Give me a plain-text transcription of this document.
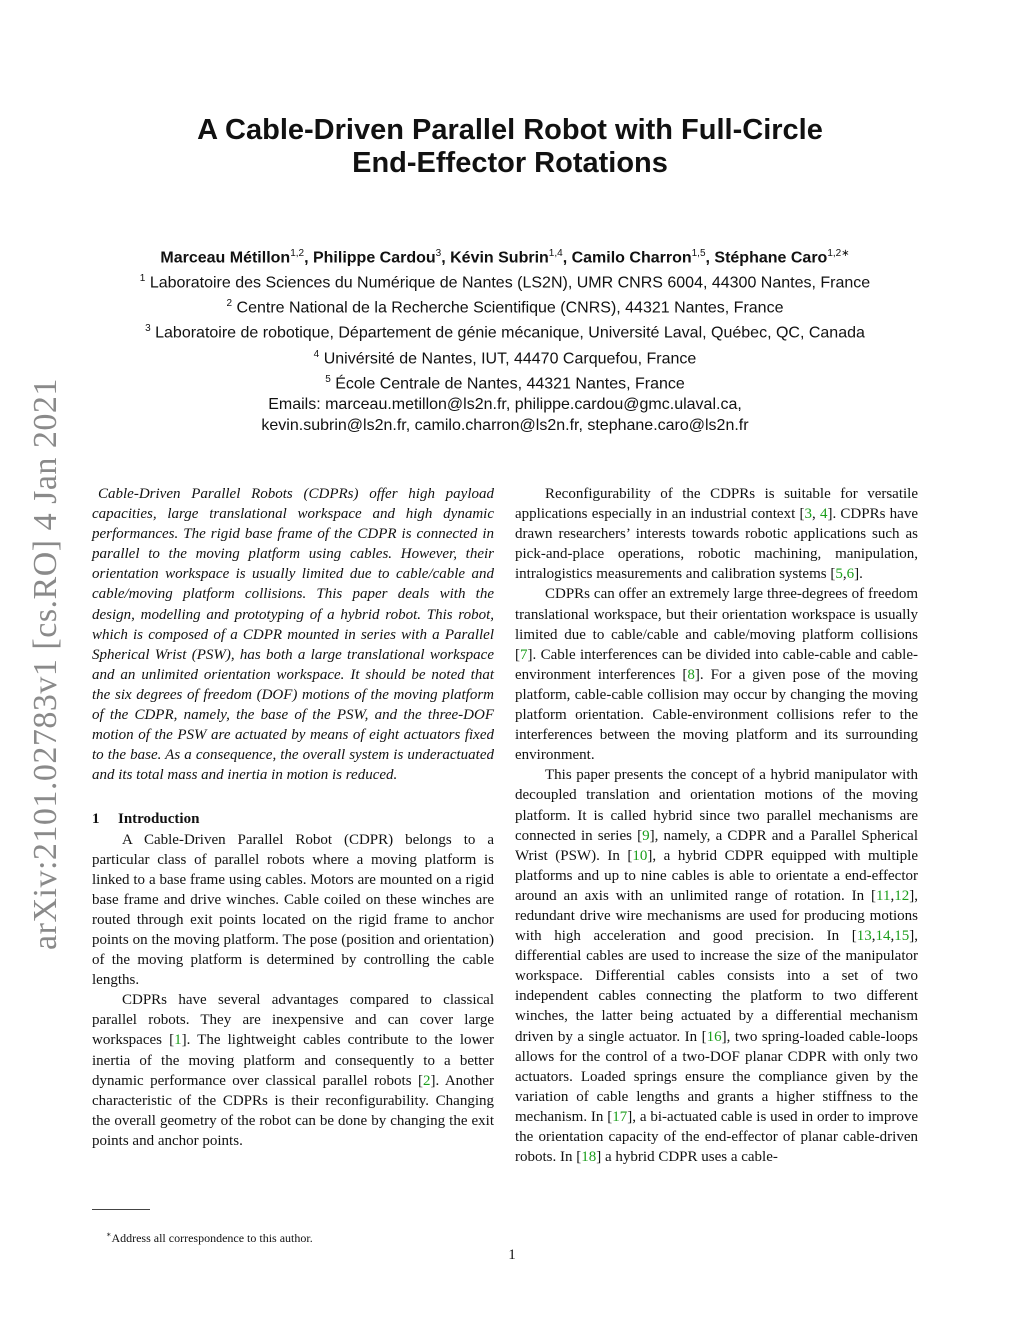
arXiv:2101.02783v1 [cs.RO] 4 Jan 2021
A Cable-Driven Parallel Robot with Full-Circle
End-Effector Rotations
Marceau Métillon$^{1,2}$, Philippe Cardou$^3$, Kévin Subrin$^{1,4}$, Camilo Charron$^{1,5}$, Stéphane Caro$^{1,2∗}$
$^1$ Laboratoire des Sciences du Numérique de Nantes (LS2N), UMR CNRS 6004, 44300 Nantes, France
$^2$ Centre National de la Recherche Scientifique (CNRS), 44321 Nantes, France
$^3$ Laboratoire de robotique, Département de génie mécanique, Université Laval, Québec, QC, Canada
$^4$ Univérsité de Nantes, IUT, 44470 Carquefou, France
$^5$ École Centrale de Nantes, 44321 Nantes, France
Emails: marceau.metillon@ls2n.fr, philippe.cardou@gmc.ulaval.ca,
kevin.subrin@ls2n.fr, camilo.charron@ls2n.fr, stephane.caro@ls2n.fr

Cable-Driven Parallel Robots (CDPRs) offer high payload capacities, large translational workspace and high dynamic performances. The rigid base frame of the CDPR is connected in parallel to the moving platform using cables. However, their orientation workspace is usually limited due to cable/cable and cable/moving platform collisions. This paper deals with the design, modelling and prototyping of a hybrid robot. This robot, which is composed of a CDPR mounted in series with a Parallel Spherical Wrist (PSW), has both a large translational workspace and an unlimited orientation workspace. It should be noted that the six degrees of freedom (DOF) motions of the moving platform of the CDPR, namely, the base of the PSW, and the three-DOF motion of the PSW are actuated by means of eight actuators fixed to the base. As a consequence, the overall system is underactuated and its total mass and inertia in motion is reduced.

1 Introduction

A Cable-Driven Parallel Robot (CDPR) belongs to a particular class of parallel robots where a moving platform is linked to a base frame using cables. Motors are mounted on a rigid base frame and drive winches. Cable coiled on these winches are routed through exit points located on the rigid frame to anchor points on the moving platform. The pose (position and orientation) of the moving platform is determined by controlling the cable lengths.

CDPRs have several advantages compared to classical parallel robots. They are inexpensive and can cover large workspaces [1]. The lightweight cables contribute to the lower inertia of the moving platform and consequently to a better dynamic performance over classical parallel robots [2]. Another characteristic of the CDPRs is their reconfigurability. Changing the overall geometry of the robot can be done by changing the exit points and anchor points.

Reconfigurability of the CDPRs is suitable for versatile applications especially in an industrial context [3, 4]. CDPRs have drawn researchers’ interests towards robotic applications such as pick-and-place operations, robotic machining, manipulation, intralogistics measurements and calibration systems [5,6].

CDPRs can offer an extremely large three-degrees of freedom translational workspace, but their orientation workspace is usually limited due to cable/cable and cable/moving platform collisions [7]. Cable interferences can be divided into cable-cable and cable-environment interferences [8]. For a given pose of the moving platform, cable-cable collision may occur by changing the moving platform orientation. Cable-environment collisions refer to the interferences between the moving platform and its surrounding environment.

This paper presents the concept of a hybrid manipulator with decoupled translation and orientation motions of the moving platform. It is called hybrid since two parallel mechanisms are connected in series [9], namely, a CDPR and a Parallel Spherical Wrist (PSW). In [10], a hybrid CDPR equipped with multiple platforms and up to nine cables is able to orientate a end-effector around an axis with an unlimited range of rotation. In [11,12], redundant drive wire mechanisms are used for producing motions with high acceleration and good precision. In [13,14,15], differential cables are used to increase the size of the manipulator workspace. Differential cables consists into a set of two independent cables connecting the platform to two different winches, the latter being actuated by a differential mechanism driven by a single actuator. In [16], two spring-loaded cable-loops allows for the control of a two-DOF planar CDPR with only two actuators. Loaded springs ensure the compliance given by the variation of cable lengths and grants a higher stiffness to the mechanism. In [17], a bi-actuated cable is used in order to improve the orientation capacity of the end-effector of planar cable-driven robots. In [18] a hybrid CDPR uses a cable-

∗Address all correspondence to this author.
1
